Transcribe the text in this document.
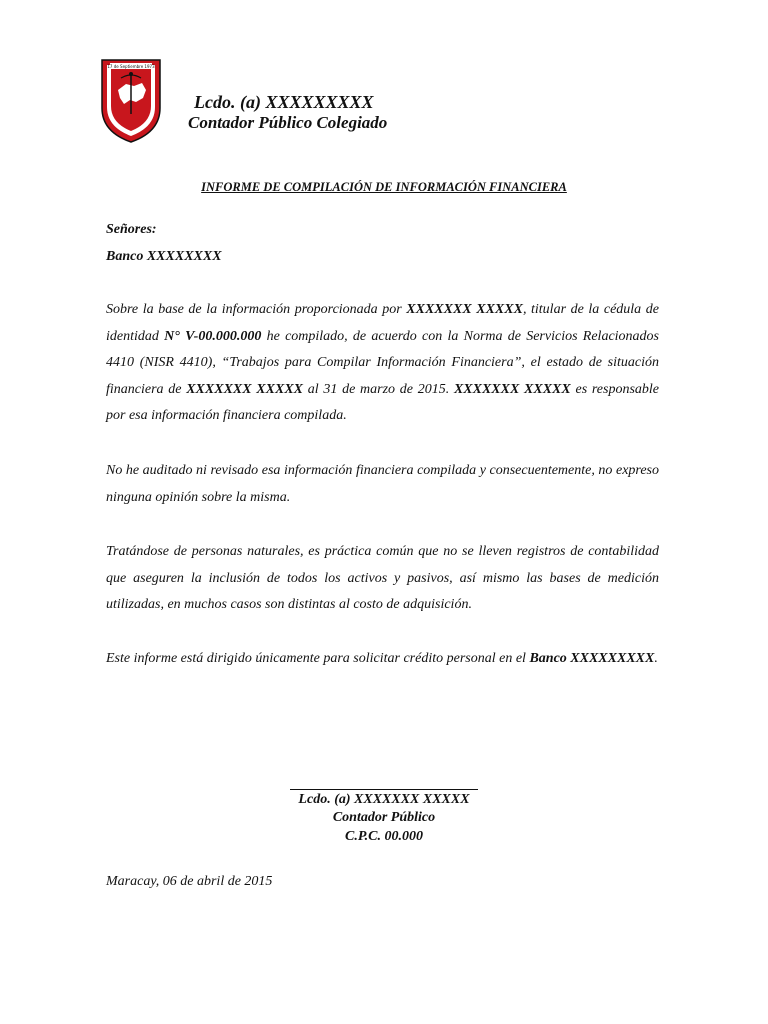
17 de Septiembre 1973
Lcdo. (a) XXXXXXXXX
Contador Público Colegiado
INFORME DE COMPILACIÓN DE INFORMACIÓN FINANCIERA
Señores:
Banco XXXXXXXX

Sobre la base de la información proporcionada por XXXXXXX XXXXX, titular de la cédula de identidad N° V-00.000.000 he compilado, de acuerdo con la Norma de Servicios Relacionados 4410 (NISR 4410), “Trabajos para Compilar Información Financiera”, el estado de situación financiera de XXXXXXX XXXXX al 31 de marzo de 2015. XXXXXXX XXXXX es responsable por esa información financiera compilada.

No he auditado ni revisado esa información financiera compilada y consecuentemente, no expreso ninguna opinión sobre la misma.

Tratándose de personas naturales, es práctica común que no se lleven registros de contabilidad que aseguren la inclusión de todos los activos y pasivos, así mismo las bases de medición utilizadas, en muchos casos son distintas al costo de adquisición.

Este informe está dirigido únicamente para solicitar crédito personal en el Banco XXXXXXXXX.

Lcdo. (a) XXXXXXX XXXXX
Contador Público
C.P.C. 00.000
Maracay, 06 de abril de 2015
